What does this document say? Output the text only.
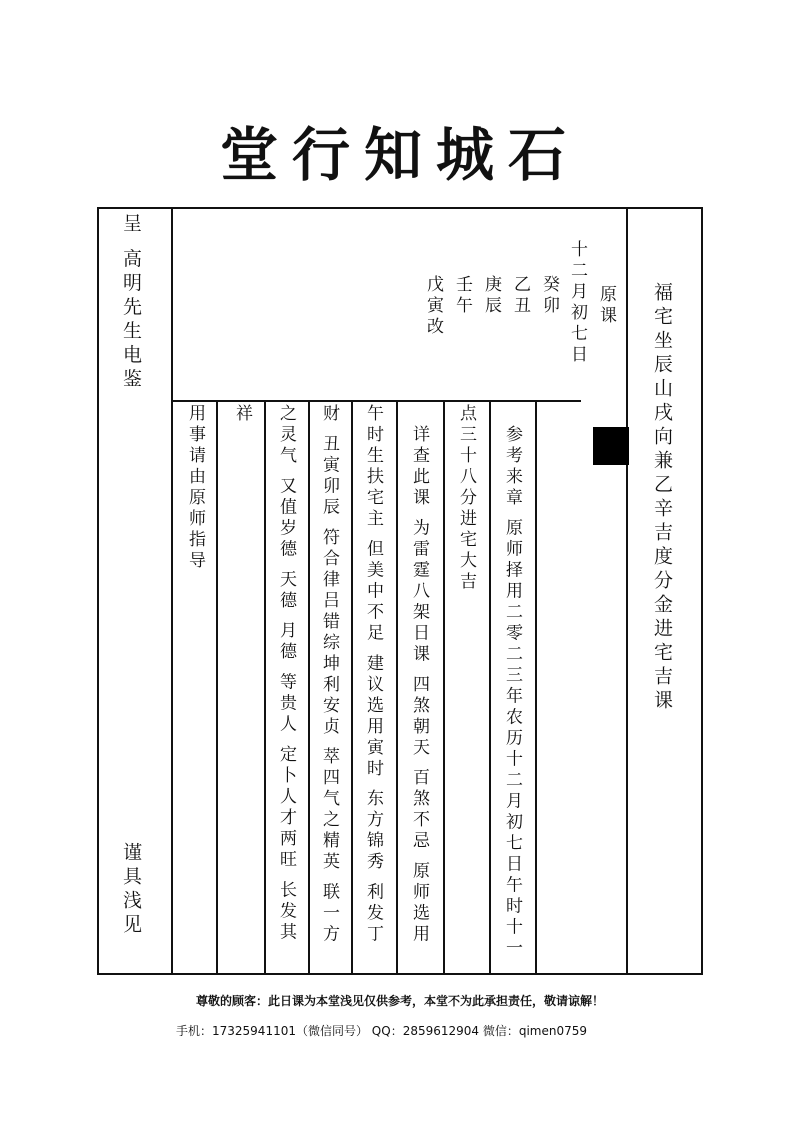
堂行知城石
呈 高明先生电鉴
谨具浅见
福宅坐辰山戌向兼乙辛吉度分金进宅吉课
原课
十二月初七日
癸卯
乙丑
庚辰
壬午
戊寅改
参考来章 原师择用二零二三年农历十二月初七日午时十一
点三十八分进宅大吉
详查此课 为雷霆八架日课 四煞朝天 百煞不忌 原师选用
午时生扶宅主 但美中不足 建议选用寅时 东方锦秀 利发丁
财 丑寅卯辰 符合律吕错综坤利安贞 萃四气之精英 联一方
之灵气 又值岁德 天德 月德 等贵人 定卜人才两旺 长发其
祥
用事请由原师指导
尊敬的顾客：此日课为本堂浅见仅供参考，本堂不为此承担责任，敬请谅解！
手机：17325941101（微信同号） QQ：2859612904 微信：qimen0759
